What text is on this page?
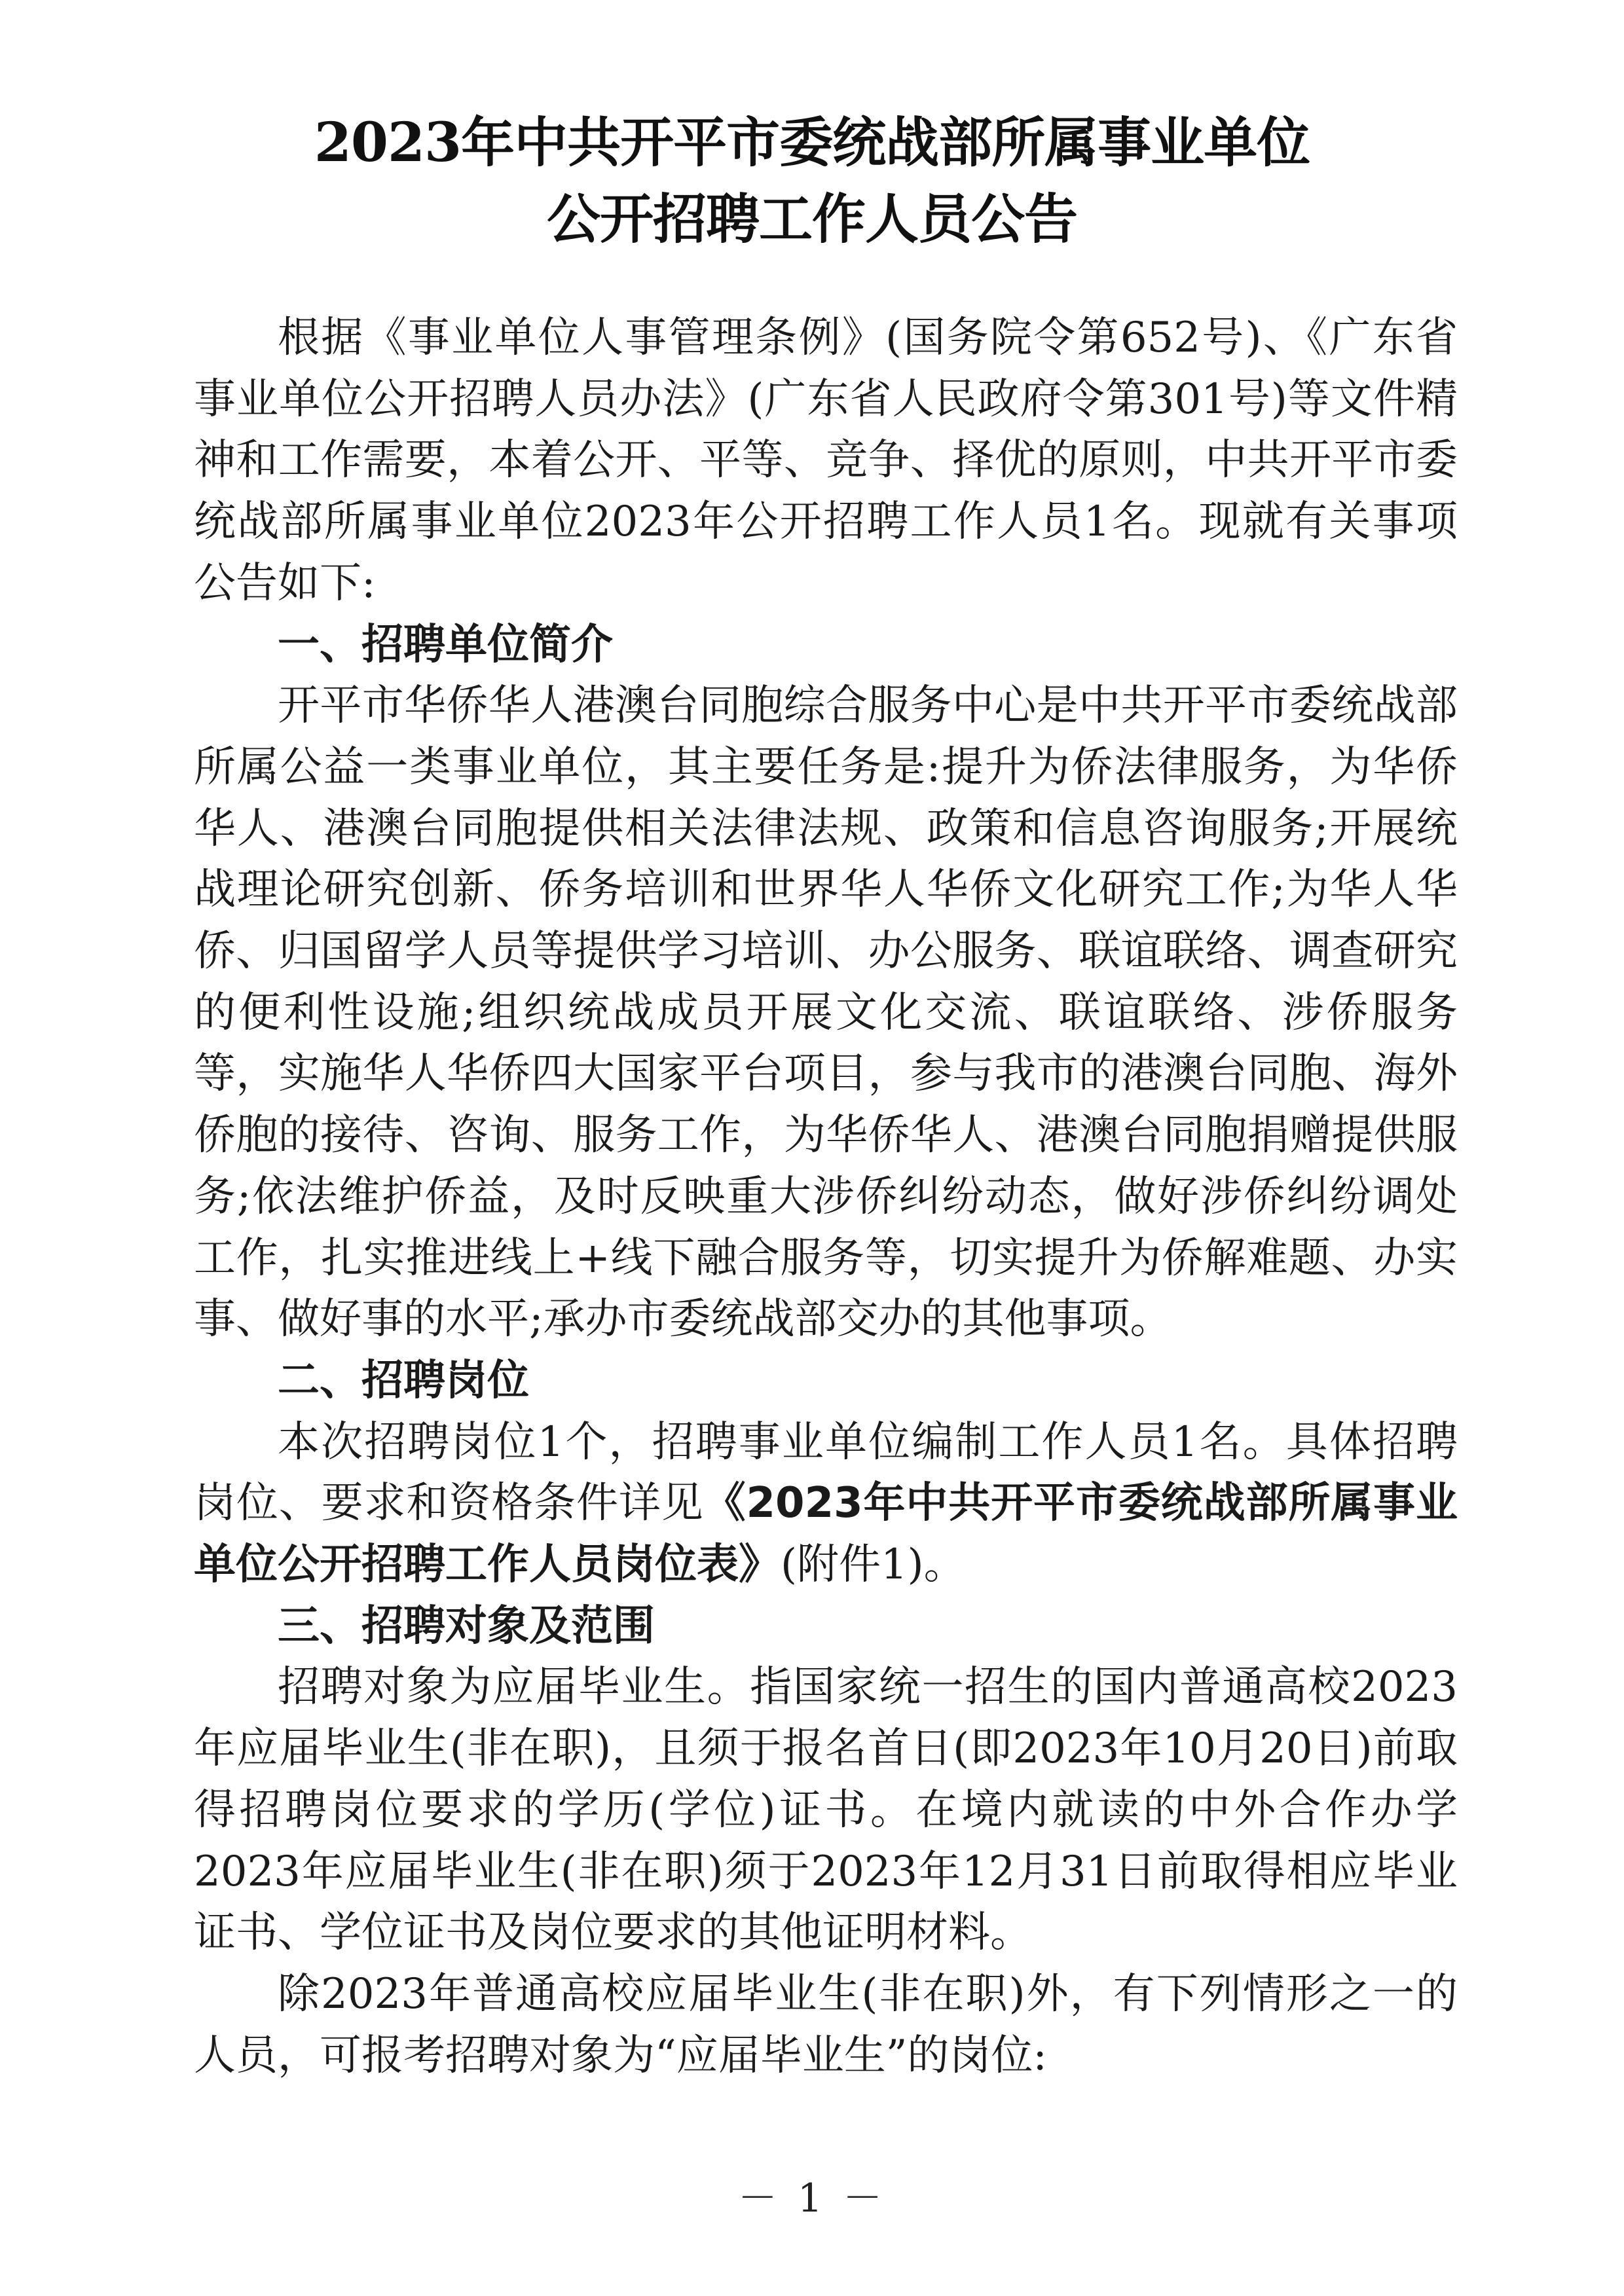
2023年中共开平市委统战部所属事业单位
公开招聘工作人员公告

根据《事业单位人事管理条例》(国务院令第652号)、《广东省事业单位公开招聘人员办法》(广东省人民政府令第301号)等文件精神和工作需要，本着公开、平等、竞争、择优的原则，中共开平市委统战部所属事业单位2023年公开招聘工作人员1名。现就有关事项公告如下:

一、招聘单位简介

开平市华侨华人港澳台同胞综合服务中心是中共开平市委统战部所属公益一类事业单位，其主要任务是:提升为侨法律服务，为华侨华人、港澳台同胞提供相关法律法规、政策和信息咨询服务;开展统战理论研究创新、侨务培训和世界华人华侨文化研究工作;为华人华侨、归国留学人员等提供学习培训、办公服务、联谊联络、调查研究的便利性设施;组织统战成员开展文化交流、联谊联络、涉侨服务等，实施华人华侨四大国家平台项目，参与我市的港澳台同胞、海外侨胞的接待、咨询、服务工作，为华侨华人、港澳台同胞捐赠提供服务;依法维护侨益，及时反映重大涉侨纠纷动态，做好涉侨纠纷调处工作，扎实推进线上+线下融合服务等，切实提升为侨解难题、办实事、做好事的水平;承办市委统战部交办的其他事项。

二、招聘岗位

本次招聘岗位1个，招聘事业单位编制工作人员1名。具体招聘岗位、要求和资格条件详见《2023年中共开平市委统战部所属事业单位公开招聘工作人员岗位表》(附件1)。

三、招聘对象及范围

招聘对象为应届毕业生。指国家统一招生的国内普通高校2023年应届毕业生(非在职)，且须于报名首日(即2023年10月20日)前取得招聘岗位要求的学历(学位)证书。在境内就读的中外合作办学2023年应届毕业生(非在职)须于2023年12月31日前取得相应毕业证书、学位证书及岗位要求的其他证明材料。

除2023年普通高校应届毕业生(非在职)外，有下列情形之一的人员，可报考招聘对象为“应届毕业生”的岗位:

－ 1 －
